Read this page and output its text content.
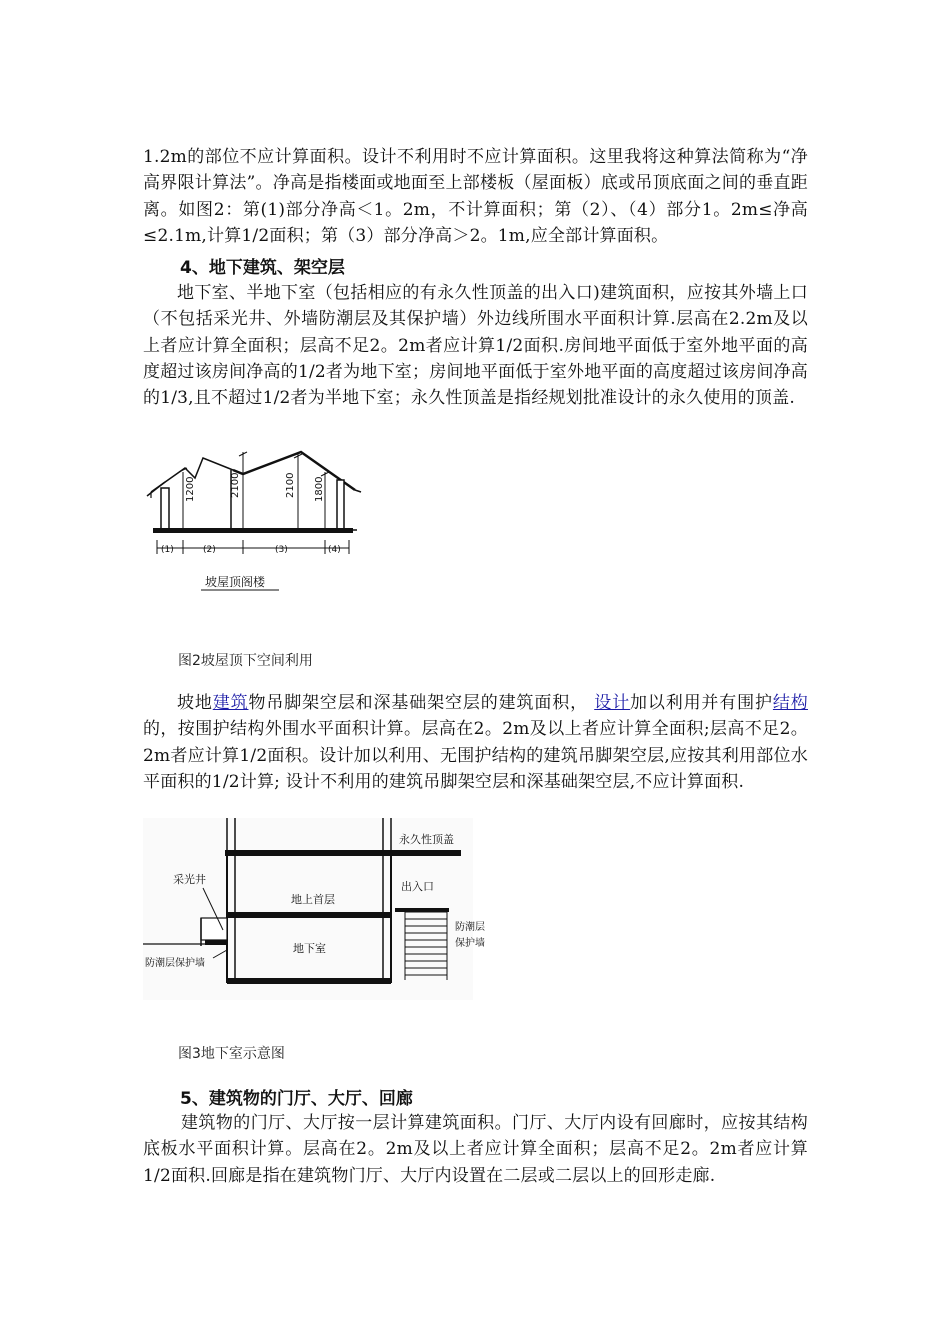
1.2m的部位不应计算面积。设计不利用时不应计算面积。这里我将这种算法简称为“净高界限计算法”。净高是指楼面或地面至上部楼板（屋面板）底或吊顶底面之间的垂直距离。如图2：第(1)部分净高＜1。2m，不计算面积；第（2）、（4）部分1。2m≤净高≤2.1m,计算1/2面积；第（3）部分净高＞2。1m,应全部计算面积。

4、地下建筑、架空层

地下室、半地下室（包括相应的有永久性顶盖的出入口)建筑面积，应按其外墙上口（不包括采光井、外墙防潮层及其保护墙）外边线所围水平面积计算.层高在2.2m及以上者应计算全面积；层高不足2。2m者应计算1/2面积.房间地平面低于室外地平面的高度超过该房间净高的1/2者为地下室；房间地平面低于室外地平面的高度超过该房间净高的1/3,且不超过1/2者为半地下室；永久性顶盖是指经规划批准设计的永久使用的顶盖.

1200	2100	2100 1800
(1)	(2)	(3)	(4)
坡屋顶阁楼

图2坡屋顶下空间利用

坡地建筑物吊脚架空层和深基础架空层的建筑面积， 设计加以利用并有围护结构的，按围护结构外围水平面积计算。层高在2。2m及以上者应计算全面积;层高不足2。2m者应计算1/2面积。设计加以利用、无围护结构的建筑吊脚架空层,应按其利用部位水平面积的1/2计算; 设计不利用的建筑吊脚架空层和深基础架空层,不应计算面积.

永久性顶盖
地上首层
地下室
出入口
采光井
防潮层保护墙
防潮层
保护墙

图3地下室示意图

5、建筑物的门厅、大厅、回廊

建筑物的门厅、大厅按一层计算建筑面积。门厅、大厅内设有回廊时，应按其结构底板水平面积计算。层高在2。2m及以上者应计算全面积；层高不足2。2m者应计算1/2面积.回廊是指在建筑物门厅、大厅内设置在二层或二层以上的回形走廊.
